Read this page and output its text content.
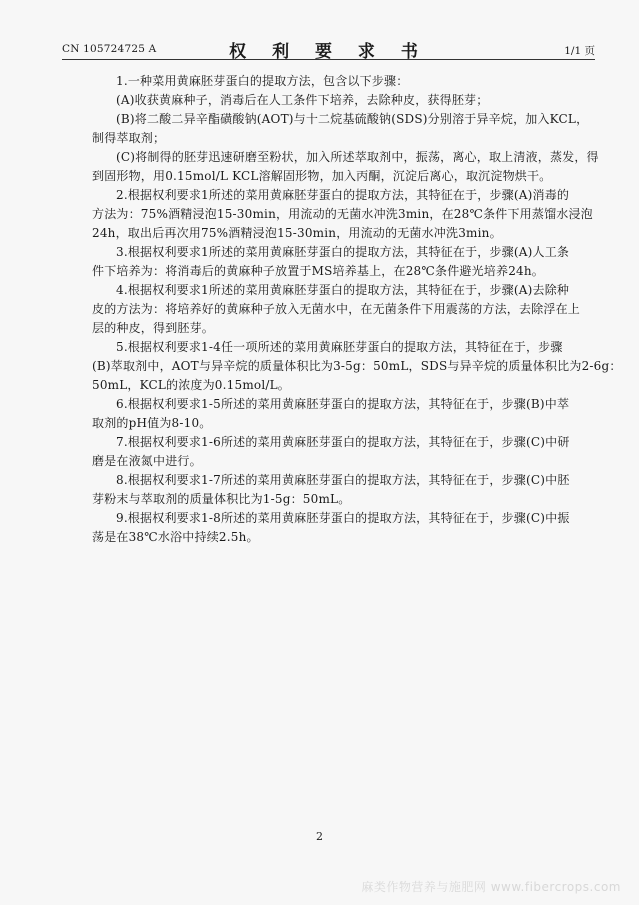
CN 105724725 A	权 利 要 求 书	1/1 页

1.一种菜用黄麻胚芽蛋白的提取方法，包含以下步骤：

(A)收获黄麻种子，消毒后在人工条件下培养，去除种皮，获得胚芽；

(B)将二酸二异辛酯磺酸钠(AOT)与十二烷基硫酸钠(SDS)分别溶于异辛烷，加入KCL，

制得萃取剂；

(C)将制得的胚芽迅速研磨至粉状，加入所述萃取剂中，振荡，离心，取上清液，蒸发，得

到固形物，用0.15mol/L KCL溶解固形物，加入丙酮，沉淀后离心，取沉淀物烘干。

2.根据权利要求1所述的菜用黄麻胚芽蛋白的提取方法，其特征在于，步骤(A)消毒的

方法为：75%酒精浸泡15-30min，用流动的无菌水冲洗3min，在28℃条件下用蒸馏水浸泡

24h，取出后再次用75%酒精浸泡15-30min，用流动的无菌水冲洗3min。

3.根据权利要求1所述的菜用黄麻胚芽蛋白的提取方法，其特征在于，步骤(A)人工条

件下培养为：将消毒后的黄麻种子放置于MS培养基上，在28℃条件避光培养24h。

4.根据权利要求1所述的菜用黄麻胚芽蛋白的提取方法，其特征在于，步骤(A)去除种

皮的方法为：将培养好的黄麻种子放入无菌水中，在无菌条件下用震荡的方法，去除浮在上

层的种皮，得到胚芽。

5.根据权利要求1-4任一项所述的菜用黄麻胚芽蛋白的提取方法，其特征在于，步骤

(B)萃取剂中，AOT与异辛烷的质量体积比为3-5g：50mL，SDS与异辛烷的质量体积比为2-6g：

50mL，KCL的浓度为0.15mol/L。

6.根据权利要求1-5所述的菜用黄麻胚芽蛋白的提取方法，其特征在于，步骤(B)中萃

取剂的pH值为8-10。

7.根据权利要求1-6所述的菜用黄麻胚芽蛋白的提取方法，其特征在于，步骤(C)中研

磨是在液氮中进行。

8.根据权利要求1-7所述的菜用黄麻胚芽蛋白的提取方法，其特征在于，步骤(C)中胚

芽粉末与萃取剂的质量体积比为1-5g：50mL。

9.根据权利要求1-8所述的菜用黄麻胚芽蛋白的提取方法，其特征在于，步骤(C)中振

荡是在38℃水浴中持续2.5h。

2
麻类作物营养与施肥网 www.fibercrops.com
